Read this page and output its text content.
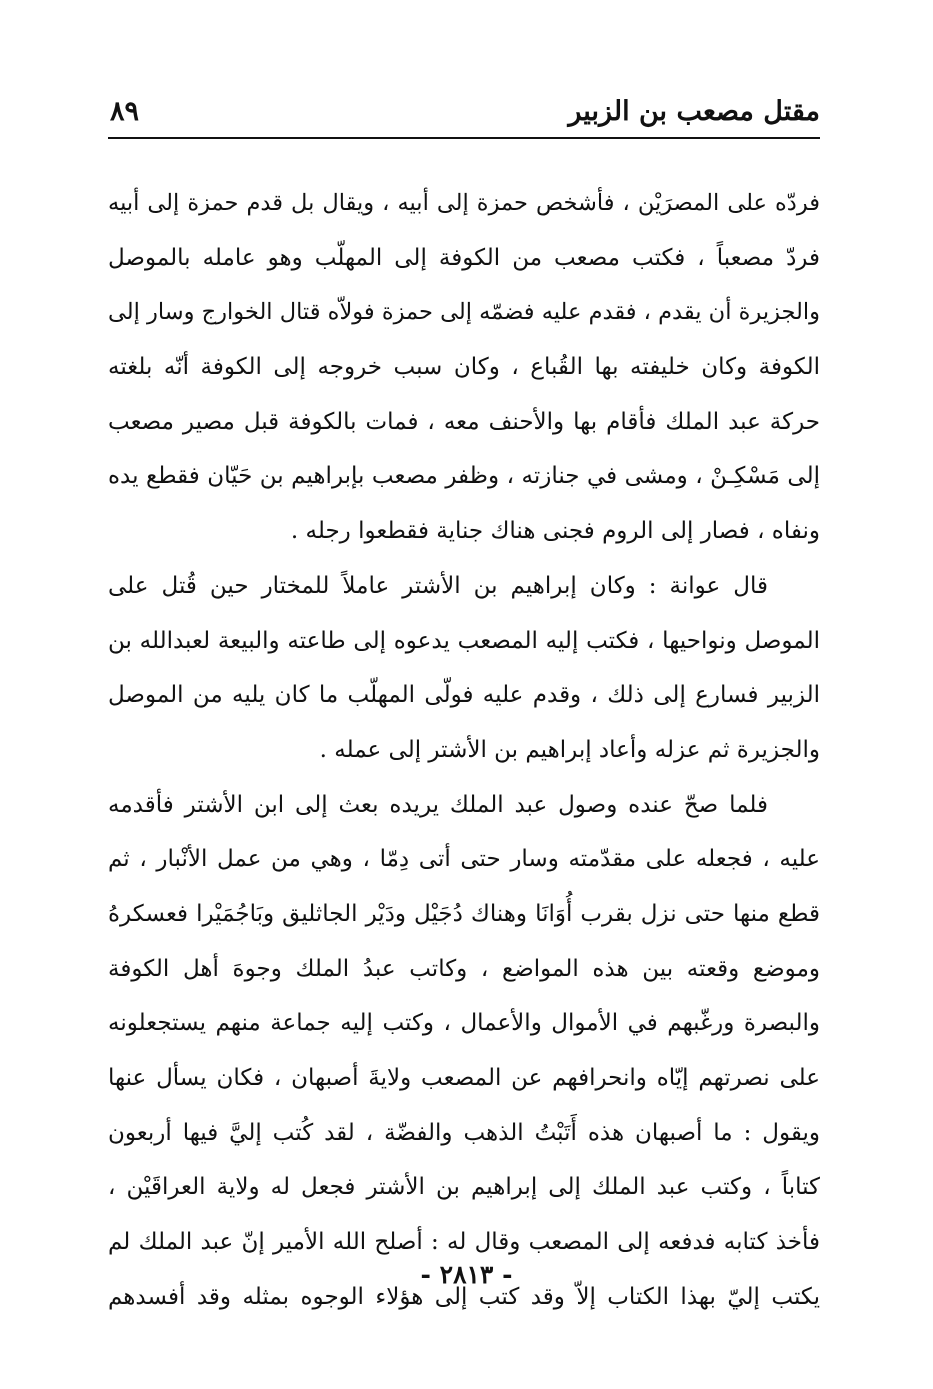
مقتل مصعب بن الزبير
٨٩
فردّه على المصرَيْن ، فأشخص حمزة إلى أبيه ، ويقال بل قدم حمزة إلى أبيه
فردّ مصعباً ، فكتب مصعب من الكوفة إلى المهلّب وهو عامله بالموصل
والجزيرة أن يقدم ، فقدم عليه فضمّه إلى حمزة فولاّه قتال الخوارج وسار إلى
الكوفة وكان خليفته بها القُباع ، وكان سبب خروجه إلى الكوفة أنّه بلغته
حركة عبد الملك فأقام بها والأحنف معه ، فمات بالكوفة قبل مصير مصعب
إلى مَسْكِـنْ ، ومشى في جنازته ، وظفر مصعب بإبراهيم بن حَيّان فقطع يده
ونفاه ، فصار إلى الروم فجنى هناك جناية فقطعوا رجله .
قال عوانة : وكان إبراهيم بن الأشتر عاملاً للمختار حين قُتل على
الموصل ونواحيها ، فكتب إليه المصعب يدعوه إلى طاعته والبيعة لعبدالله بن
الزبير فسارع إلى ذلك ، وقدم عليه فولّى المهلّب ما كان يليه من الموصل
والجزيرة ثم عزله وأعاد إبراهيم بن الأشتر إلى عمله .
فلما صحّ عنده وصول عبد الملك يريده بعث إلى ابن الأشتر فأقدمه
عليه ، فجعله على مقدّمته وسار حتى أتى دِمّا ، وهي من عمل الأنْبار ، ثم
قطع منها حتى نزل بقرب أُوَانَا وهناك دُجَيْل ودَيْر الجاثليق وبَاجُمَيْرا فعسكرهُ
وموضع وقعته بين هذه المواضع ، وكاتب عبدُ الملك وجوهَ أهل الكوفة
والبصرة ورغّبهم في الأموال والأعمال ، وكتب إليه جماعة منهم يستجعلونه
على نصرتهم إيّاه وانحرافهم عن المصعب ولايةَ أصبهان ، فكان يسأل عنها
ويقول : ما أصبهان هذه أَتَبْتُ الذهب والفضّة ، لقد كُتب إليَّ فيها أربعون
كتاباً ، وكتب عبد الملك إلى إبراهيم بن الأشتر فجعل له ولاية العراقَيْن ،
فأخذ كتابه فدفعه إلى المصعب وقال له : أصلح الله الأمير إنّ عبد الملك لم
يكتب إليّ بهذا الكتاب إلاّ وقد كتب إلى هؤلاء الوجوه بمثله وقد أفسدهم
- ٢٨١٣ -
